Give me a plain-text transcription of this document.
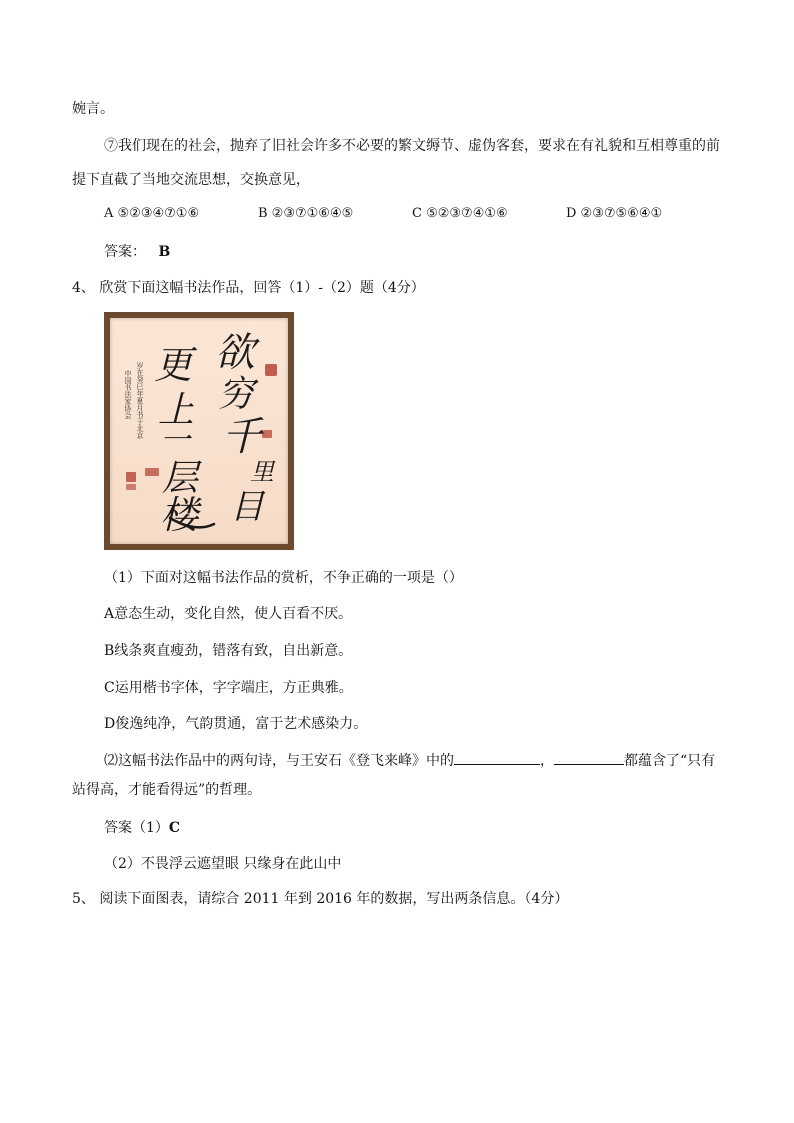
婉言。
⑦我们现在的社会，抛弃了旧社会许多不必要的繁文缛节、虚伪客套，要求在有礼貌和互相尊重的前
提下直截了当地交流思想，交换意见，
A ⑤②③④⑦①⑥	B ②③⑦①⑥④⑤	C ⑤②③⑦④①⑥	D ②③⑦⑤⑥④①
答案： B
4、 欣赏下面这幅书法作品，回答（1）-（2）题（4分）
欲
穷
千
里
目
更
上
一
层
楼
岁在癸巳年夏月书于北京
中国书法家协会
（1）下面对这幅书法作品的赏析，不争正确的一项是（）
A意态生动，变化自然，使人百看不厌。
B线条爽直瘦劲，错落有致，自出新意。
C运用楷书字体，字字端庄，方正典雅。
D俊逸纯净，气韵贯通，富于艺术感染力。
⑵这幅书法作品中的两句诗，与王安石《登飞来峰》中的	，	都蕴含了“只有
站得高，才能看得远”的哲理。
答案（1）C
（2）不畏浮云遮望眼 只缘身在此山中
5、 阅读下面图表，请综合 2011 年到 2016 年的数据，写出两条信息。（4分）
